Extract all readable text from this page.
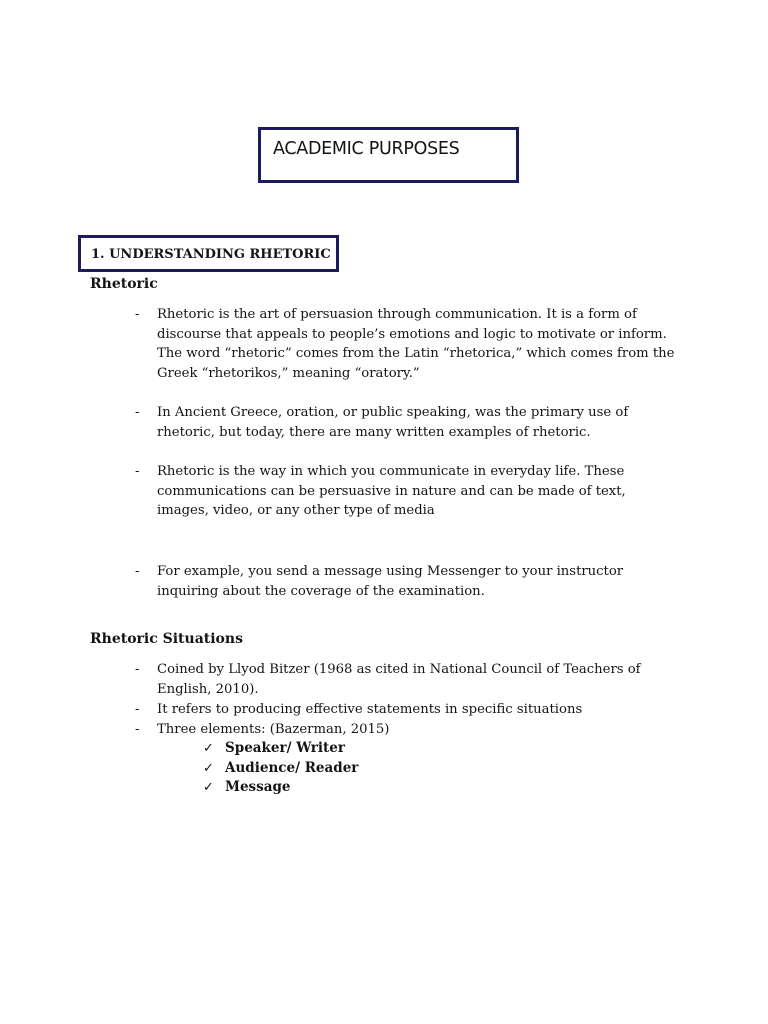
ACADEMIC PURPOSES
1. UNDERSTANDING RHETORIC
Rhetoric
- Rhetoric is the art of persuasion through communication. It is a form of discourse that appeals to people’s emotions and logic to motivate or inform. The word “rhetoric” comes from the Latin “rhetorica,” which comes from the Greek “rhetorikos,” meaning “oratory.”
- In Ancient Greece, oration, or public speaking, was the primary use of rhetoric, but today, there are many written examples of rhetoric.
- Rhetoric is the way in which you communicate in everyday life. These communications can be persuasive in nature and can be made of text, images, video, or any other type of media
- For example, you send a message using Messenger to your instructor inquiring about the coverage of the examination.
Rhetoric Situations
- Coined by Llyod Bitzer (1968 as cited in National Council of Teachers of English, 2010).
- It refers to producing effective statements in specific situations
- Three elements: (Bazerman, 2015)
✓ Speaker/ Writer
✓ Audience/ Reader
✓ Message
